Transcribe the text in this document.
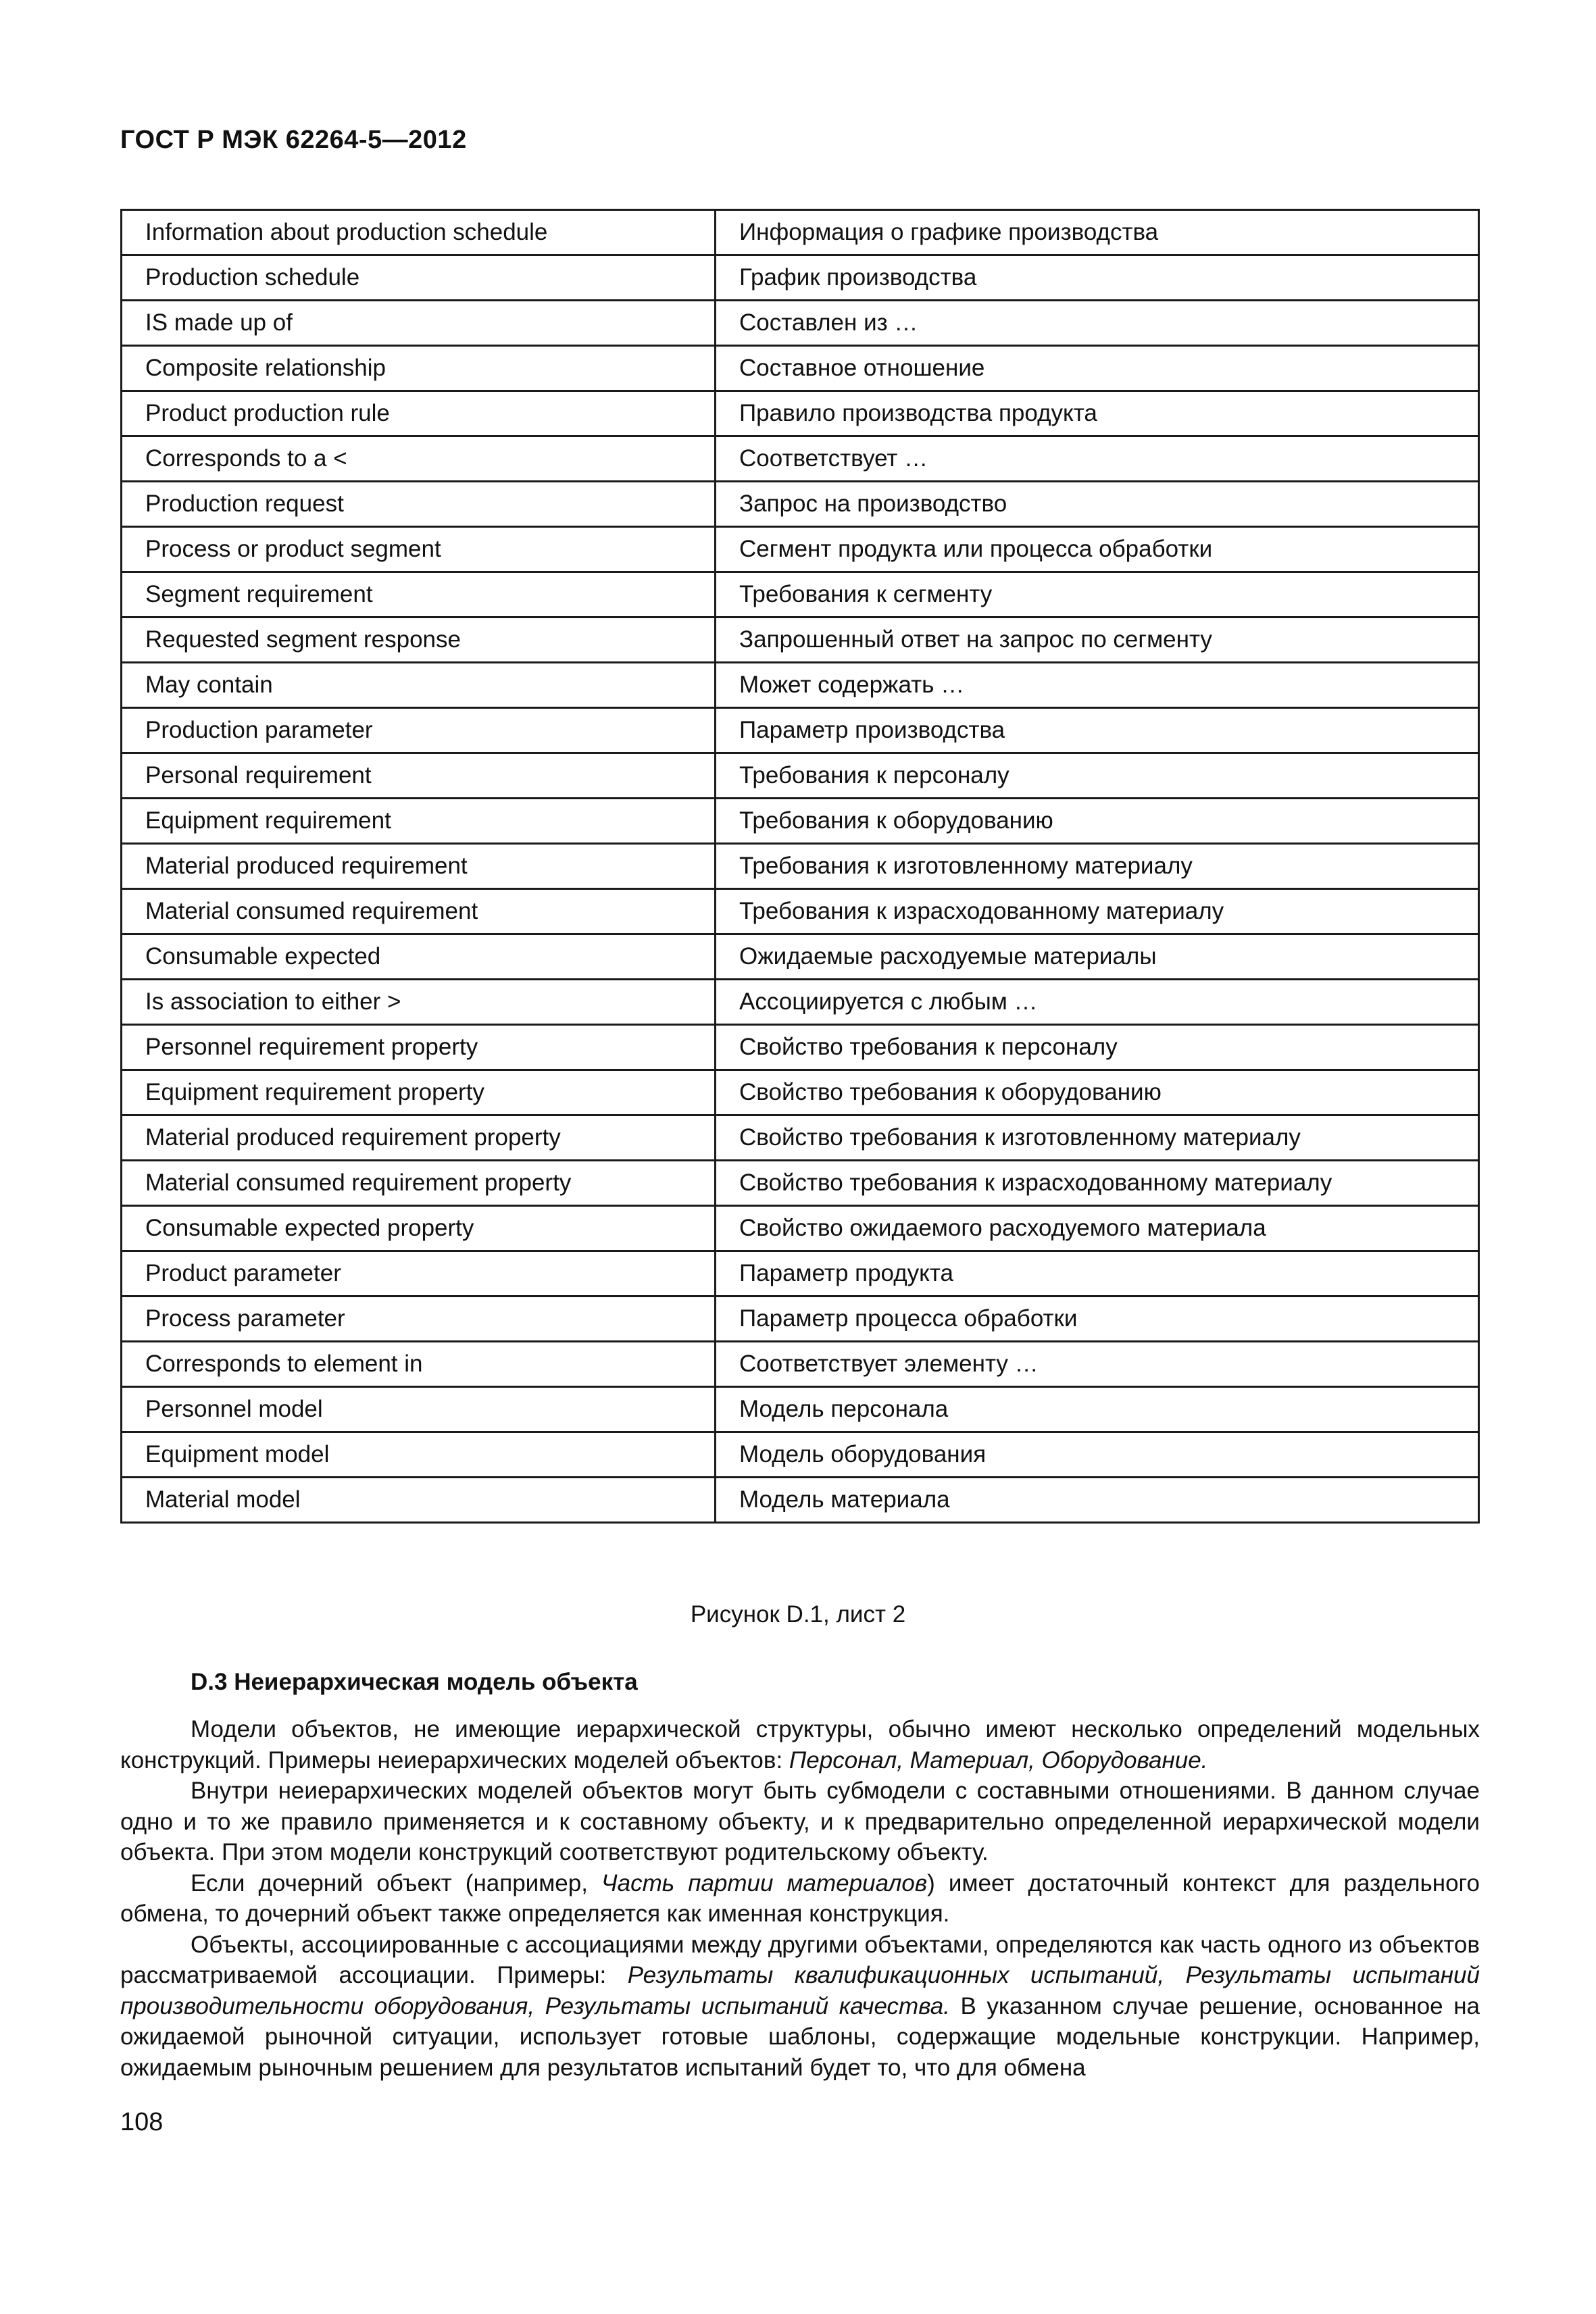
ГОСТ Р МЭК 62264-5—2012
Information about production schedule	Информация о графике производства
Production schedule	График производства
IS made up of	Составлен из …
Composite relationship	Составное отношение
Product production rule	Правило производства продукта
Corresponds to a <	Соответствует …
Production request	Запрос на производство
Process or product segment	Сегмент продукта или процесса обработки
Segment requirement	Требования к сегменту
Requested segment response	Запрошенный ответ на запрос по сегменту
May contain	Может содержать …
Production parameter	Параметр производства
Personal requirement	Требования к персоналу
Equipment requirement	Требования к оборудованию
Material produced requirement	Требования к изготовленному материалу
Material consumed requirement	Требования к израсходованному материалу
Consumable expected	Ожидаемые расходуемые материалы
Is association to either >	Ассоциируется с любым …
Personnel requirement property	Свойство требования к персоналу
Equipment requirement property	Свойство требования к оборудованию
Material produced requirement property	Свойство требования к изготовленному материалу
Material consumed requirement property	Свойство требования к израсходованному материалу
Consumable expected property	Свойство ожидаемого расходуемого материала
Product parameter	Параметр продукта
Process parameter	Параметр процесса обработки
Corresponds to element in	Соответствует элементу …
Personnel model	Модель персонала
Equipment model	Модель оборудования
Material model	Модель материала
Рисунок D.1, лист 2
D.3 Неиерархическая модель объекта

Модели объектов, не имеющие иерархической структуры, обычно имеют несколько определений модельных конструкций. Примеры неиерархических моделей объектов: Персонал, Материал, Оборудование.

Внутри неиерархических моделей объектов могут быть субмодели с составными отношениями. В данном случае одно и то же правило применяется и к составному объекту, и к предварительно определенной иерархической модели объекта. При этом модели конструкций соответствуют родительскому объекту.

Если дочерний объект (например, Часть партии материалов) имеет достаточный контекст для раздельного обмена, то дочерний объект также определяется как именная конструкция.

Объекты, ассоциированные с ассоциациями между другими объектами, определяются как часть одного из объектов рассматриваемой ассоциации. Примеры: Результаты квалификационных испытаний, Результаты испытаний производительности оборудования, Результаты испытаний качества. В указанном случае решение, основанное на ожидаемой рыночной ситуации, использует готовые шаблоны, содержащие модельные конструкции. Например, ожидаемым рыночным решением для результатов испытаний будет то, что для обмена

108
